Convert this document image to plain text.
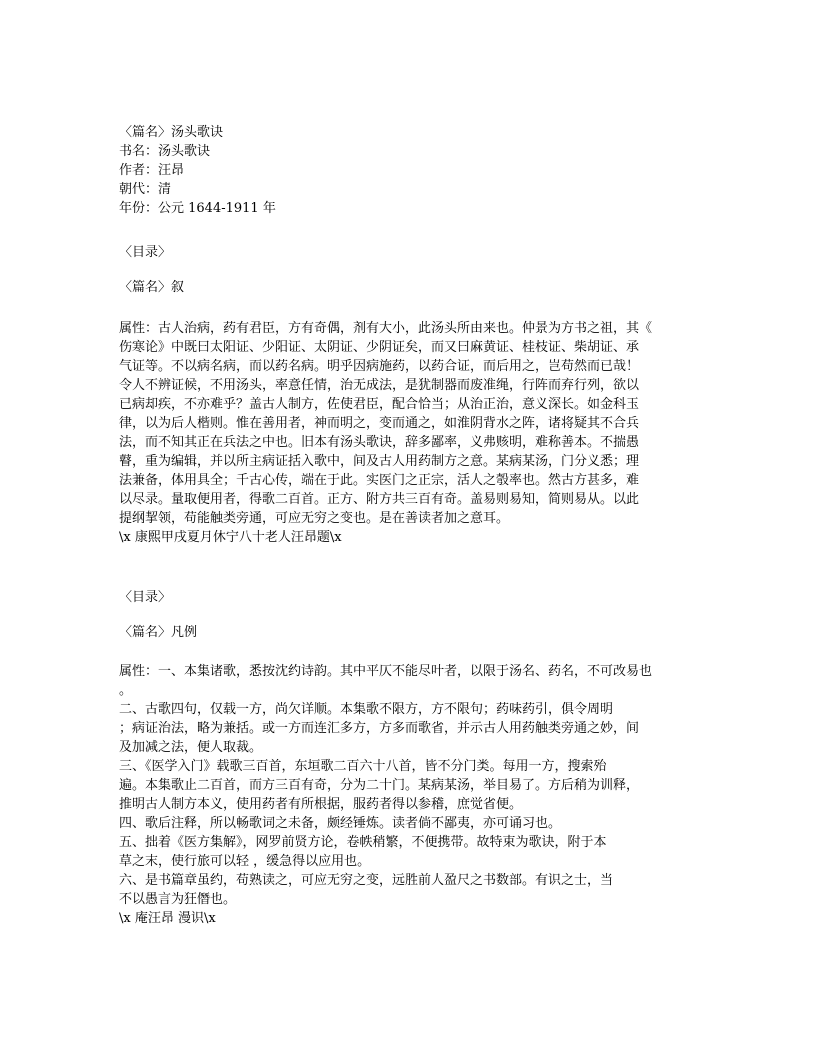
〈篇名〉汤头歌诀

书名：汤头歌诀

作者：汪昂

朝代：清

年份：公元 1644-1911 年

〈目录〉

〈篇名〉叙

属性：古人治病，药有君臣，方有奇偶，剂有大小，此汤头所由来也。仲景为方书之祖，其《

伤寒论》中既曰太阳证、少阳证、太阴证、少阴证矣，而又曰麻黄证、桂枝证、柴胡证、承

气证等。不以病名病，而以药名病。明乎因病施药，以药合证，而后用之，岂苟然而已哉！

令人不辨证候，不用汤头，率意任情，治无成法，是犹制器而废准绳，行阵而弃行列，欲以

已病却疾，不亦难乎？盖古人制方，佐使君臣，配合恰当；从治正治，意义深长。如金科玉

律，以为后人楷则。惟在善用者，神而明之，变而通之，如淮阴背水之阵，诸将疑其不合兵

法，而不知其正在兵法之中也。旧本有汤头歌诀，辞多鄙率，义弗赅明，难称善本。不揣愚

瞽，重为编辑，并以所主病证括入歌中，间及古人用药制方之意。某病某汤，门分义悉；理

法兼备，体用具全；千古心传，端在于此。实医门之正宗，活人之彀率也。然古方甚多，难

以尽录。量取便用者，得歌二百首。正方、附方共三百有奇。盖易则易知，简则易从。以此

提纲挈领，苟能触类旁通，可应无穷之变也。是在善读者加之意耳。

\x 康熙甲戌夏月休宁八十老人汪昂题\x

〈目录〉

〈篇名〉凡例

属性：一、本集诸歌，悉按沈约诗韵。其中平仄不能尽叶者，以限于汤名、药名，不可改易也

。

二、古歌四句，仅载一方，尚欠详顺。本集歌不限方，方不限句；药味药引，俱令周明

；病证治法，略为兼括。或一方而连汇多方，方多而歌省，并示古人用药触类旁通之妙，间

及加减之法，便人取裁。

三、《医学入门》载歌三百首，东垣歌二百六十八首，皆不分门类。每用一方，搜索殆

遍。本集歌止二百首，而方三百有奇，分为二十门。某病某汤，举目易了。方后稍为训释，

推明古人制方本义，使用药者有所根据，服药者得以参稽，庶觉省便。

四、歌后注释，所以畅歌词之未备，颇经锤炼。读者倘不鄙夷，亦可诵习也。

五、拙着《医方集解》，网罗前贤方论，卷帙稍繁，不便携带。故特束为歌诀，附于本

草之末，使行旅可以轻 ，缓急得以应用也。

六、是书篇章虽约，苟熟读之，可应无穷之变，远胜前人盈尺之书数部。有识之士，当

不以愚言为狂僭也。

\x 庵汪昂 漫识\x
